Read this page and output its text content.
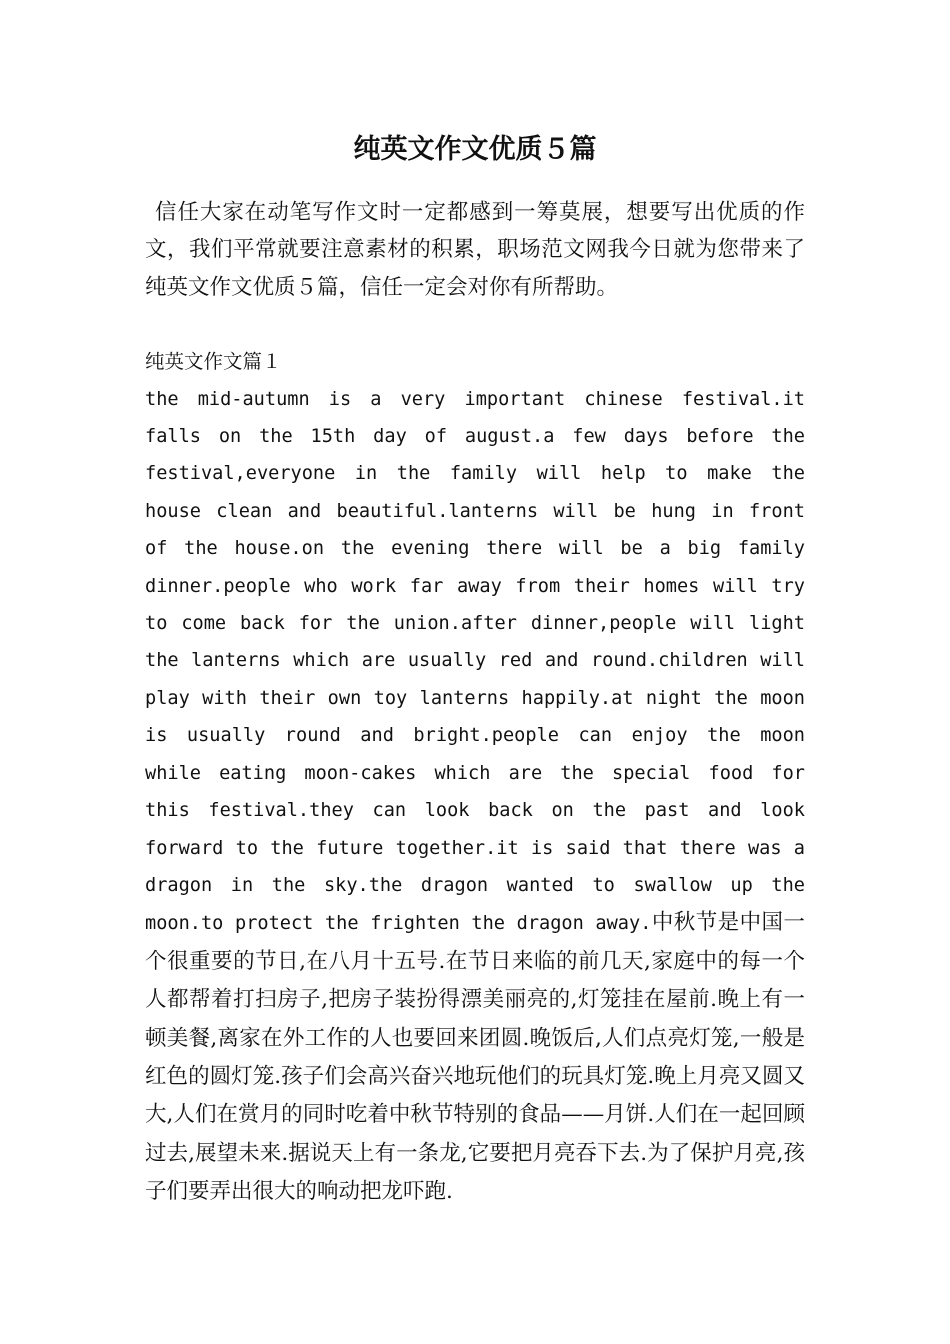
纯英文作文优质５篇

信任大家在动笔写作文时一定都感到一筹莫展，想要写出优质的作文，我们平常就要注意素材的积累，职场范文网我今日就为您带来了纯英文作文优质５篇，信任一定会对你有所帮助。

纯英文作文篇１

the mid-autumn is a very important chinese festival.it falls on the 15th day of august.a few days before the festival,everyone in the family will help to make the house clean and beautiful.lanterns will be hung in front of the house.on the evening there will be a big family dinner.people who work far away from their homes will try to come back for the union.after dinner,people will light the lanterns which are usually red and round.children will play with their own toy lanterns happily.at night the moon is usually round and bright.people can enjoy the moon while eating moon-cakes which are the special food for this festival.they can look back on the past and look forward to the future together.it is said that there was a dragon in the sky.the dragon wanted to swallow up the moon.to protect the frighten the dragon away.中秋节是中国一个很重要的节日,在八月十五号.在节日来临的前几天,家庭中的每一个人都帮着打扫房子,把房子装扮得漂美丽亮的,灯笼挂在屋前.晚上有一顿美餐,离家在外工作的人也要回来团圆.晚饭后,人们点亮灯笼,一般是红色的圆灯笼.孩子们会高兴奋兴地玩他们的玩具灯笼.晚上月亮又圆又大,人们在赏月的同时吃着中秋节特别的食品——月饼.人们在一起回顾过去,展望未来.据说天上有一条龙,它要把月亮吞下去.为了保护月亮,孩子们要弄出很大的响动把龙吓跑.
